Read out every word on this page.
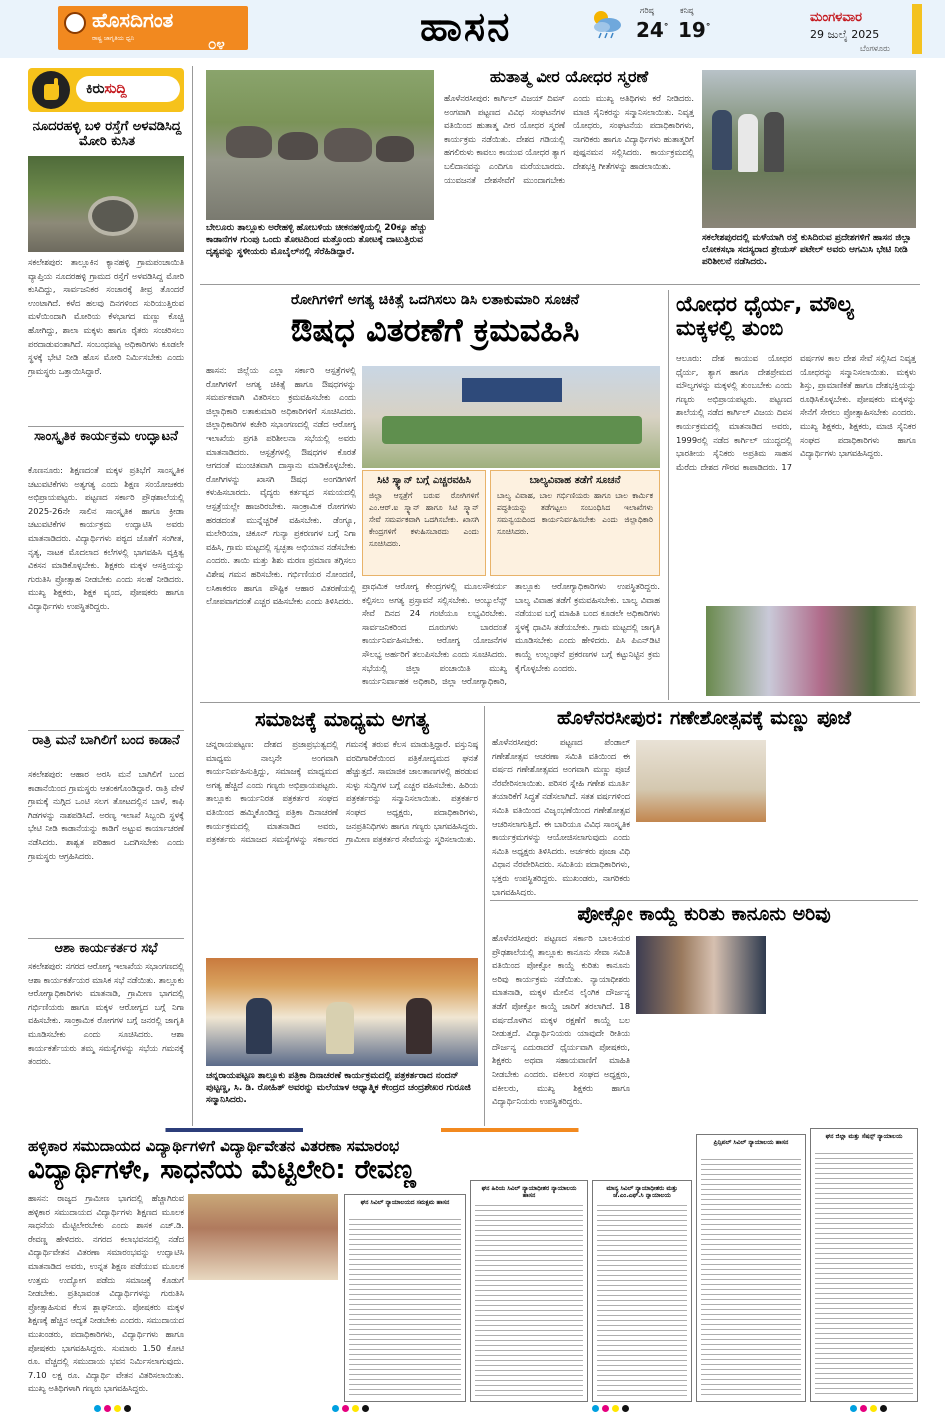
ಹೊಸದಿಗಂತ
ರಾಷ್ಟ್ರ ಜಾಗೃತಿಯ ಧ್ವನಿ	೦೪	ಹಾಸನ	ಗರಿಷ್ಠ
24°
ಕನಿಷ್ಠ
19°
ಮಂಗಳವಾರ
29 ಜುಲೈ 2025
ಬೆಂಗಳೂರು
ಕಿರುಸುದ್ದಿ
ನೂದರಹಳ್ಳಿ ಬಳಿ ರಸ್ತೆಗೆ ಅಳವಡಿಸಿದ್ದ ಮೋರಿ ಕುಸಿತ
ಸಕಲೇಶಪುರ: ತಾಲ್ಲೂಕಿನ ಕ್ಯಾನಹಳ್ಳಿ ಗ್ರಾಮಪಂಚಾಯಿತಿ ವ್ಯಾಪ್ತಿಯ ನೂದರಹಳ್ಳಿ ಗ್ರಾಮದ ರಸ್ತೆಗೆ ಅಳವಡಿಸಿದ್ದ ಮೋರಿ ಕುಸಿದಿದ್ದು, ಸಾರ್ವಜನಿಕರ ಸಂಚಾರಕ್ಕೆ ತೀವ್ರ ತೊಂದರೆ ಉಂಟಾಗಿದೆ. ಕಳೆದ ಹಲವು ದಿನಗಳಿಂದ ಸುರಿಯುತ್ತಿರುವ ಮಳೆಯಿಂದಾಗಿ ಮೋರಿಯ ಕೆಳಭಾಗದ ಮಣ್ಣು ಕೊಚ್ಚಿ ಹೋಗಿದ್ದು, ಶಾಲಾ ಮಕ್ಕಳು ಹಾಗೂ ರೈತರು ಸಂಚರಿಸಲು ಪರದಾಡುವಂತಾಗಿದೆ. ಸಂಬಂಧಪಟ್ಟ ಅಧಿಕಾರಿಗಳು ಕೂಡಲೇ ಸ್ಥಳಕ್ಕೆ ಭೇಟಿ ನೀಡಿ ಹೊಸ ಮೋರಿ ನಿರ್ಮಿಸಬೇಕು ಎಂದು ಗ್ರಾಮಸ್ಥರು ಒತ್ತಾಯಿಸಿದ್ದಾರೆ.
ಸಾಂಸ್ಕೃತಿಕ ಕಾರ್ಯಕ್ರಮ ಉದ್ಘಾಟನೆ
ಕೊಣನೂರು: ಶಿಕ್ಷಣದಂತೆ ಮಕ್ಕಳ ಪ್ರತಿಭೆಗೆ ಸಾಂಸ್ಕೃತಿಕ ಚಟುವಟಿಕೆಗಳು ಅತ್ಯಗತ್ಯ ಎಂದು ಶಿಕ್ಷಣ ಸಂಯೋಜಕರು ಅಭಿಪ್ರಾಯಪಟ್ಟರು. ಪಟ್ಟಣದ ಸರ್ಕಾರಿ ಪ್ರೌಢಶಾಲೆಯಲ್ಲಿ 2025-26ನೇ ಸಾಲಿನ ಸಾಂಸ್ಕೃತಿಕ ಹಾಗೂ ಕ್ರೀಡಾ ಚಟುವಟಿಕೆಗಳ ಕಾರ್ಯಕ್ರಮ ಉದ್ಘಾಟಿಸಿ ಅವರು ಮಾತನಾಡಿದರು. ವಿದ್ಯಾರ್ಥಿಗಳು ಪಠ್ಯದ ಜೊತೆಗೆ ಸಂಗೀತ, ನೃತ್ಯ, ನಾಟಕ ಮೊದಲಾದ ಕಲೆಗಳಲ್ಲಿ ಭಾಗವಹಿಸಿ ವ್ಯಕ್ತಿತ್ವ ವಿಕಸನ ಮಾಡಿಕೊಳ್ಳಬೇಕು. ಶಿಕ್ಷಕರು ಮಕ್ಕಳ ಆಸಕ್ತಿಯನ್ನು ಗುರುತಿಸಿ ಪ್ರೋತ್ಸಾಹ ನೀಡಬೇಕು ಎಂದು ಸಲಹೆ ನೀಡಿದರು. ಮುಖ್ಯ ಶಿಕ್ಷಕರು, ಶಿಕ್ಷಕ ವೃಂದ, ಪೋಷಕರು ಹಾಗೂ ವಿದ್ಯಾರ್ಥಿಗಳು ಉಪಸ್ಥಿತರಿದ್ದರು.
ರಾತ್ರಿ ಮನೆ ಬಾಗಿಲಿಗೆ ಬಂದ ಕಾಡಾನೆ
ಸಕಲೇಶಪುರ: ಆಹಾರ ಅರಸಿ ಮನೆ ಬಾಗಿಲಿಗೆ ಬಂದ ಕಾಡಾನೆಯಿಂದ ಗ್ರಾಮಸ್ಥರು ಆತಂಕಗೊಂಡಿದ್ದಾರೆ. ರಾತ್ರಿ ವೇಳೆ ಗ್ರಾಮಕ್ಕೆ ನುಗ್ಗಿದ ಒಂಟಿ ಸಲಗ ತೋಟದಲ್ಲಿನ ಬಾಳೆ, ಕಾಫಿ ಗಿಡಗಳನ್ನು ನಾಶಪಡಿಸಿದೆ. ಅರಣ್ಯ ಇಲಾಖೆ ಸಿಬ್ಬಂದಿ ಸ್ಥಳಕ್ಕೆ ಭೇಟಿ ನೀಡಿ ಕಾಡಾನೆಯನ್ನು ಕಾಡಿಗೆ ಅಟ್ಟುವ ಕಾರ್ಯಾಚರಣೆ ನಡೆಸಿದರು. ಶಾಶ್ವತ ಪರಿಹಾರ ಒದಗಿಸಬೇಕು ಎಂದು ಗ್ರಾಮಸ್ಥರು ಆಗ್ರಹಿಸಿದರು.
ಆಶಾ ಕಾರ್ಯಕರ್ತರ ಸಭೆ
ಸಕಲೇಶಪುರ: ನಗರದ ಆರೋಗ್ಯ ಇಲಾಖೆಯ ಸಭಾಂಗಣದಲ್ಲಿ ಆಶಾ ಕಾರ್ಯಕರ್ತೆಯರ ಮಾಸಿಕ ಸಭೆ ನಡೆಯಿತು. ತಾಲ್ಲೂಕು ಆರೋಗ್ಯಾಧಿಕಾರಿಗಳು ಮಾತನಾಡಿ, ಗ್ರಾಮೀಣ ಭಾಗದಲ್ಲಿ ಗರ್ಭಿಣಿಯರು ಹಾಗೂ ಮಕ್ಕಳ ಆರೋಗ್ಯದ ಬಗ್ಗೆ ನಿಗಾ ವಹಿಸಬೇಕು. ಸಾಂಕ್ರಾಮಿಕ ರೋಗಗಳ ಬಗ್ಗೆ ಜನರಲ್ಲಿ ಜಾಗೃತಿ ಮೂಡಿಸಬೇಕು ಎಂದು ಸೂಚಿಸಿದರು. ಆಶಾ ಕಾರ್ಯಕರ್ತೆಯರು ತಮ್ಮ ಸಮಸ್ಯೆಗಳನ್ನು ಸಭೆಯ ಗಮನಕ್ಕೆ ತಂದರು.
ಬೇಲೂರು ತಾಲ್ಲೂಕು ಅರೇಹಳ್ಳಿ ಹೋಬಳಿಯ ಚೀಕನಹಳ್ಳಿಯಲ್ಲಿ 20ಕ್ಕೂ ಹೆಚ್ಚು ಕಾಡಾನೆಗಳ ಗುಂಪು ಒಂದು ತೋಟದಿಂದ ಮತ್ತೊಂದು ತೋಟಕ್ಕೆ ದಾಟುತ್ತಿರುವ ದೃಶ್ಯವನ್ನು ಸ್ಥಳೀಯರು ಮೊಬೈಲ್‌ನಲ್ಲಿ ಸೆರೆಹಿಡಿದ್ದಾರೆ.
ಹುತಾತ್ಮ ವೀರ ಯೋಧರ ಸ್ಮರಣೆ
ಹೊಳೆನರಸೀಪುರ: ಕಾರ್ಗಿಲ್ ವಿಜಯ್ ದಿವಸ್ ಅಂಗವಾಗಿ ಪಟ್ಟಣದ ವಿವಿಧ ಸಂಘಟನೆಗಳ ವತಿಯಿಂದ ಹುತಾತ್ಮ ವೀರ ಯೋಧರ ಸ್ಮರಣೆ ಕಾರ್ಯಕ್ರಮ ನಡೆಯಿತು. ದೇಶದ ಗಡಿಯಲ್ಲಿ ಹಗಲಿರುಳು ಕಾವಲು ಕಾಯುವ ಯೋಧರ ತ್ಯಾಗ ಬಲಿದಾನವನ್ನು ಎಂದಿಗೂ ಮರೆಯಬಾರದು. ಯುವಜನತೆ ದೇಶಸೇವೆಗೆ ಮುಂದಾಗಬೇಕು ಎಂದು ಮುಖ್ಯ ಅತಿಥಿಗಳು ಕರೆ ನೀಡಿದರು. ಮಾಜಿ ಸೈನಿಕರನ್ನು ಸನ್ಮಾನಿಸಲಾಯಿತು. ನಿವೃತ್ತ ಯೋಧರು, ಸಂಘಟನೆಯ ಪದಾಧಿಕಾರಿಗಳು, ನಾಗರಿಕರು ಹಾಗೂ ವಿದ್ಯಾರ್ಥಿಗಳು ಹುತಾತ್ಮರಿಗೆ ಪುಷ್ಪನಮನ ಸಲ್ಲಿಸಿದರು. ಕಾರ್ಯಕ್ರಮದಲ್ಲಿ ದೇಶಭಕ್ತಿ ಗೀತೆಗಳನ್ನು ಹಾಡಲಾಯಿತು.
ಸಕಲೇಶಪುರದಲ್ಲಿ ಮಳೆಯಾಗಿ ರಸ್ತೆ ಕುಸಿದಿರುವ ಪ್ರದೇಶಗಳಿಗೆ ಹಾಸನ ಜಿಲ್ಲಾ ಲೋಕಸಭಾ ಸದಸ್ಯರಾದ ಶ್ರೇಯಸ್ ಪಟೇಲ್ ಅವರು ಆಗಮಿಸಿ ಭೇಟಿ ನೀಡಿ ಪರಿಶೀಲನೆ ನಡೆಸಿದರು.
ರೋಗಿಗಳಿಗೆ ಅಗತ್ಯ ಚಿಕಿತ್ಸೆ ಒದಗಿಸಲು ಡಿಸಿ ಲತಾಕುಮಾರಿ ಸೂಚನೆ
ಔಷಧ ವಿತರಣೆಗೆ ಕ್ರಮವಹಿಸಿ
ಹಾಸನ: ಜಿಲ್ಲೆಯ ಎಲ್ಲಾ ಸರ್ಕಾರಿ ಆಸ್ಪತ್ರೆಗಳಲ್ಲಿ ರೋಗಿಗಳಿಗೆ ಅಗತ್ಯ ಚಿಕಿತ್ಸೆ ಹಾಗೂ ಔಷಧಗಳನ್ನು ಸಮರ್ಪಕವಾಗಿ ವಿತರಿಸಲು ಕ್ರಮವಹಿಸಬೇಕು ಎಂದು ಜಿಲ್ಲಾಧಿಕಾರಿ ಲತಾಕುಮಾರಿ ಅಧಿಕಾರಿಗಳಿಗೆ ಸೂಚಿಸಿದರು. ಜಿಲ್ಲಾಧಿಕಾರಿಗಳ ಕಚೇರಿ ಸಭಾಂಗಣದಲ್ಲಿ ನಡೆದ ಆರೋಗ್ಯ ಇಲಾಖೆಯ ಪ್ರಗತಿ ಪರಿಶೀಲನಾ ಸಭೆಯಲ್ಲಿ ಅವರು ಮಾತನಾಡಿದರು. ಆಸ್ಪತ್ರೆಗಳಲ್ಲಿ ಔಷಧಗಳ ಕೊರತೆ ಆಗದಂತೆ ಮುಂಚಿತವಾಗಿ ದಾಸ್ತಾನು ಮಾಡಿಕೊಳ್ಳಬೇಕು. ರೋಗಿಗಳನ್ನು ಖಾಸಗಿ ಔಷಧ ಅಂಗಡಿಗಳಿಗೆ ಕಳುಹಿಸಬಾರದು. ವೈದ್ಯರು ಕರ್ತವ್ಯದ ಸಮಯದಲ್ಲಿ ಆಸ್ಪತ್ರೆಯಲ್ಲೇ ಹಾಜರಿರಬೇಕು. ಸಾಂಕ್ರಾಮಿಕ ರೋಗಗಳು ಹರಡದಂತೆ ಮುನ್ನೆಚ್ಚರಿಕೆ ವಹಿಸಬೇಕು. ಡೆಂಗ್ಯೂ, ಮಲೇರಿಯಾ, ಚಿಕೂನ್ ಗುನ್ಯಾ ಪ್ರಕರಣಗಳ ಬಗ್ಗೆ ನಿಗಾ ವಹಿಸಿ, ಗ್ರಾಮ ಮಟ್ಟದಲ್ಲಿ ಸ್ವಚ್ಛತಾ ಅಭಿಯಾನ ನಡೆಸಬೇಕು ಎಂದರು. ತಾಯಿ ಮತ್ತು ಶಿಶು ಮರಣ ಪ್ರಮಾಣ ತಗ್ಗಿಸಲು ವಿಶೇಷ ಗಮನ ಹರಿಸಬೇಕು. ಗರ್ಭಿಣಿಯರ ನೋಂದಣಿ, ಲಸಿಕಾಕರಣ ಹಾಗೂ ಪೌಷ್ಟಿಕ ಆಹಾರ ವಿತರಣೆಯಲ್ಲಿ ಲೋಪವಾಗದಂತೆ ಎಚ್ಚರ ವಹಿಸಬೇಕು ಎಂದು ತಿಳಿಸಿದರು.
ಸಿಟಿ ಸ್ಕ್ಯಾನ್ ಬಗ್ಗೆ ಎಚ್ಚರವಹಿಸಿ
ಜಿಲ್ಲಾ ಆಸ್ಪತ್ರೆಗೆ ಬರುವ ರೋಗಿಗಳಿಗೆ ಎಂ.ಆರ್.ಐ ಸ್ಕ್ಯಾನ್ ಹಾಗೂ ಸಿಟಿ ಸ್ಕ್ಯಾನ್ ಸೇವೆ ಸಮರ್ಪಕವಾಗಿ ಒದಗಿಸಬೇಕು. ಖಾಸಗಿ ಕೇಂದ್ರಗಳಿಗೆ ಕಳುಹಿಸಬಾರದು ಎಂದು ಸೂಚಿಸಿದರು.
ಬಾಲ್ಯವಿವಾಹ ತಡೆಗೆ ಸೂಚನೆ
ಬಾಲ್ಯ ವಿವಾಹ, ಬಾಲ ಗರ್ಭಿಣಿಯರು ಹಾಗೂ ಬಾಲ ಕಾರ್ಮಿಕ ಪದ್ಧತಿಯನ್ನು ತಡೆಗಟ್ಟಲು ಸಂಬಂಧಿಸಿದ ಇಲಾಖೆಗಳು ಸಮನ್ವಯದಿಂದ ಕಾರ್ಯನಿರ್ವಹಿಸಬೇಕು ಎಂದು ಜಿಲ್ಲಾಧಿಕಾರಿ ಸೂಚಿಸಿದರು.
ಪ್ರಾಥಮಿಕ ಆರೋಗ್ಯ ಕೇಂದ್ರಗಳಲ್ಲಿ ಮೂಲಸೌಕರ್ಯ ಕಲ್ಪಿಸಲು ಅಗತ್ಯ ಪ್ರಸ್ತಾವನೆ ಸಲ್ಲಿಸಬೇಕು. ಆಂಬ್ಯುಲೆನ್ಸ್ ಸೇವೆ ದಿನದ 24 ಗಂಟೆಯೂ ಲಭ್ಯವಿರಬೇಕು. ಸಾರ್ವಜನಿಕರಿಂದ ದೂರುಗಳು ಬಾರದಂತೆ ಕಾರ್ಯನಿರ್ವಹಿಸಬೇಕು. ಆರೋಗ್ಯ ಯೋಜನೆಗಳ ಸೌಲಭ್ಯ ಅರ್ಹರಿಗೆ ತಲುಪಿಸಬೇಕು ಎಂದು ಸೂಚಿಸಿದರು. ಸಭೆಯಲ್ಲಿ ಜಿಲ್ಲಾ ಪಂಚಾಯಿತಿ ಮುಖ್ಯ ಕಾರ್ಯನಿರ್ವಾಹಕ ಅಧಿಕಾರಿ, ಜಿಲ್ಲಾ ಆರೋಗ್ಯಾಧಿಕಾರಿ, ತಾಲ್ಲೂಕು ಆರೋಗ್ಯಾಧಿಕಾರಿಗಳು ಉಪಸ್ಥಿತರಿದ್ದರು. ಬಾಲ್ಯ ವಿವಾಹ ತಡೆಗೆ ಕ್ರಮವಹಿಸಬೇಕು. ಬಾಲ್ಯ ವಿವಾಹ ನಡೆಯುವ ಬಗ್ಗೆ ಮಾಹಿತಿ ಬಂದ ಕೂಡಲೇ ಅಧಿಕಾರಿಗಳು ಸ್ಥಳಕ್ಕೆ ಧಾವಿಸಿ ತಡೆಯಬೇಕು. ಗ್ರಾಮ ಮಟ್ಟದಲ್ಲಿ ಜಾಗೃತಿ ಮೂಡಿಸಬೇಕು ಎಂದು ಹೇಳಿದರು. ಪಿಸಿ ಪಿಎನ್‌ಡಿಟಿ ಕಾಯ್ದೆ ಉಲ್ಲಂಘನೆ ಪ್ರಕರಣಗಳ ಬಗ್ಗೆ ಕಟ್ಟುನಿಟ್ಟಿನ ಕ್ರಮ ಕೈಗೊಳ್ಳಬೇಕು ಎಂದರು.
ಯೋಧರ ಧೈರ್ಯ, ಮೌಲ್ಯ ಮಕ್ಕಳಲ್ಲಿ ತುಂಬಿ
ಆಲೂರು: ದೇಶ ಕಾಯುವ ಯೋಧರ ಧೈರ್ಯ, ತ್ಯಾಗ ಹಾಗೂ ದೇಶಪ್ರೇಮದ ಮೌಲ್ಯಗಳನ್ನು ಮಕ್ಕಳಲ್ಲಿ ತುಂಬಬೇಕು ಎಂದು ಗಣ್ಯರು ಅಭಿಪ್ರಾಯಪಟ್ಟರು. ಪಟ್ಟಣದ ಶಾಲೆಯಲ್ಲಿ ನಡೆದ ಕಾರ್ಗಿಲ್ ವಿಜಯ ದಿವಸ ಕಾರ್ಯಕ್ರಮದಲ್ಲಿ ಮಾತನಾಡಿದ ಅವರು, 1999ರಲ್ಲಿ ನಡೆದ ಕಾರ್ಗಿಲ್ ಯುದ್ಧದಲ್ಲಿ ಭಾರತೀಯ ಸೈನಿಕರು ಅಪ್ರತಿಮ ಸಾಹಸ ಮೆರೆದು ದೇಶದ ಗೌರವ ಕಾಪಾಡಿದರು. 17 ವರ್ಷಗಳ ಕಾಲ ದೇಶ ಸೇವೆ ಸಲ್ಲಿಸಿದ ನಿವೃತ್ತ ಯೋಧರನ್ನು ಸನ್ಮಾನಿಸಲಾಯಿತು. ಮಕ್ಕಳು ಶಿಸ್ತು, ಪ್ರಾಮಾಣಿಕತೆ ಹಾಗೂ ದೇಶಭಕ್ತಿಯನ್ನು ರೂಢಿಸಿಕೊಳ್ಳಬೇಕು. ಪೋಷಕರು ಮಕ್ಕಳನ್ನು ಸೇನೆಗೆ ಸೇರಲು ಪ್ರೋತ್ಸಾಹಿಸಬೇಕು ಎಂದರು. ಮುಖ್ಯ ಶಿಕ್ಷಕರು, ಶಿಕ್ಷಕರು, ಮಾಜಿ ಸೈನಿಕರ ಸಂಘದ ಪದಾಧಿಕಾರಿಗಳು ಹಾಗೂ ವಿದ್ಯಾರ್ಥಿಗಳು ಭಾಗವಹಿಸಿದ್ದರು.
ಸಮಾಜಕ್ಕೆ ಮಾಧ್ಯಮ ಅಗತ್ಯ
ಚನ್ನರಾಯಪಟ್ಟಣ: ದೇಶದ ಪ್ರಜಾಪ್ರಭುತ್ವದಲ್ಲಿ ಮಾಧ್ಯಮ ನಾಲ್ಕನೇ ಅಂಗವಾಗಿ ಕಾರ್ಯನಿರ್ವಹಿಸುತ್ತಿದ್ದು, ಸಮಾಜಕ್ಕೆ ಮಾಧ್ಯಮದ ಅಗತ್ಯ ಹೆಚ್ಚಿದೆ ಎಂದು ಗಣ್ಯರು ಅಭಿಪ್ರಾಯಪಟ್ಟರು. ತಾಲ್ಲೂಕು ಕಾರ್ಯನಿರತ ಪತ್ರಕರ್ತರ ಸಂಘದ ವತಿಯಿಂದ ಹಮ್ಮಿಕೊಂಡಿದ್ದ ಪತ್ರಿಕಾ ದಿನಾಚರಣೆ ಕಾರ್ಯಕ್ರಮದಲ್ಲಿ ಮಾತನಾಡಿದ ಅವರು, ಪತ್ರಕರ್ತರು ಸಮಾಜದ ಸಮಸ್ಯೆಗಳನ್ನು ಸರ್ಕಾರದ ಗಮನಕ್ಕೆ ತರುವ ಕೆಲಸ ಮಾಡುತ್ತಿದ್ದಾರೆ. ವಸ್ತುನಿಷ್ಠ ವರದಿಗಾರಿಕೆಯಿಂದ ಪತ್ರಿಕೋದ್ಯಮದ ಘನತೆ ಹೆಚ್ಚುತ್ತದೆ. ಸಾಮಾಜಿಕ ಜಾಲತಾಣಗಳಲ್ಲಿ ಹರಡುವ ಸುಳ್ಳು ಸುದ್ದಿಗಳ ಬಗ್ಗೆ ಎಚ್ಚರ ವಹಿಸಬೇಕು. ಹಿರಿಯ ಪತ್ರಕರ್ತರನ್ನು ಸನ್ಮಾನಿಸಲಾಯಿತು. ಪತ್ರಕರ್ತರ ಸಂಘದ ಅಧ್ಯಕ್ಷರು, ಪದಾಧಿಕಾರಿಗಳು, ಜನಪ್ರತಿನಿಧಿಗಳು ಹಾಗೂ ಗಣ್ಯರು ಭಾಗವಹಿಸಿದ್ದರು. ಗ್ರಾಮೀಣ ಪತ್ರಕರ್ತರ ಸೇವೆಯನ್ನು ಸ್ಮರಿಸಲಾಯಿತು.
ಚನ್ನರಾಯಪಟ್ಟಣ ತಾಲ್ಲೂಕು ಪತ್ರಿಕಾ ದಿನಾಚರಣೆ ಕಾರ್ಯಕ್ರಮದಲ್ಲಿ ಪತ್ರಕರ್ತರಾದ ನಂದನ್ ಪುಟ್ಟಣ್ಣ, ಸಿ. ಡಿ. ರೋಹಿತ್ ಅವರನ್ನು ಮಲೆಯಾಳ ಆಧ್ಯಾತ್ಮಿಕ ಕೇಂದ್ರದ ಚಂದ್ರಶೇಖರ ಗುರೂಜಿ ಸನ್ಮಾನಿಸಿದರು.
ಹೊಳೆನರಸೀಪುರ: ಗಣೇಶೋತ್ಸವಕ್ಕೆ ಮಣ್ಣು ಪೂಜೆ
ಹೊಳೆನರಸೀಪುರ: ಪಟ್ಟಣದ ಪೆಂಡಾಲ್ ಗಣೇಶೋತ್ಸವ ಆಚರಣಾ ಸಮಿತಿ ವತಿಯಿಂದ ಈ ವರ್ಷದ ಗಣೇಶೋತ್ಸವದ ಅಂಗವಾಗಿ ಮಣ್ಣು ಪೂಜೆ ನೆರವೇರಿಸಲಾಯಿತು. ಪರಿಸರ ಸ್ನೇಹಿ ಗಣೇಶ ಮೂರ್ತಿ ತಯಾರಿಕೆಗೆ ಸಿದ್ಧತೆ ನಡೆಸಲಾಗಿದೆ. ಸತತ ವರ್ಷಗಳಿಂದ ಸಮಿತಿ ವತಿಯಿಂದ ವಿಜೃಂಭಣೆಯಿಂದ ಗಣೇಶೋತ್ಸವ ಆಚರಿಸಲಾಗುತ್ತಿದೆ. ಈ ಬಾರಿಯೂ ವಿವಿಧ ಸಾಂಸ್ಕೃತಿಕ ಕಾರ್ಯಕ್ರಮಗಳನ್ನು ಆಯೋಜಿಸಲಾಗುವುದು ಎಂದು ಸಮಿತಿ ಅಧ್ಯಕ್ಷರು ತಿಳಿಸಿದರು. ಅರ್ಚಕರು ಪೂಜಾ ವಿಧಿ ವಿಧಾನ ನೆರವೇರಿಸಿದರು. ಸಮಿತಿಯ ಪದಾಧಿಕಾರಿಗಳು, ಭಕ್ತರು ಉಪಸ್ಥಿತರಿದ್ದರು. ಮುಖಂಡರು, ನಾಗರಿಕರು ಭಾಗವಹಿಸಿದ್ದರು.
ಪೋಕ್ಸೋ ಕಾಯ್ದೆ ಕುರಿತು ಕಾನೂನು ಅರಿವು
ಹೊಳೆನರಸೀಪುರ: ಪಟ್ಟಣದ ಸರ್ಕಾರಿ ಬಾಲಕಿಯರ ಪ್ರೌಢಶಾಲೆಯಲ್ಲಿ ತಾಲ್ಲೂಕು ಕಾನೂನು ಸೇವಾ ಸಮಿತಿ ವತಿಯಿಂದ ಪೋಕ್ಸೋ ಕಾಯ್ದೆ ಕುರಿತು ಕಾನೂನು ಅರಿವು ಕಾರ್ಯಕ್ರಮ ನಡೆಯಿತು. ನ್ಯಾಯಾಧೀಶರು ಮಾತನಾಡಿ, ಮಕ್ಕಳ ಮೇಲಿನ ಲೈಂಗಿಕ ದೌರ್ಜನ್ಯ ತಡೆಗೆ ಪೋಕ್ಸೋ ಕಾಯ್ದೆ ಜಾರಿಗೆ ತರಲಾಗಿದೆ. 18 ವರ್ಷದೊಳಗಿನ ಮಕ್ಕಳ ರಕ್ಷಣೆಗೆ ಕಾಯ್ದೆ ಬಲ ನೀಡುತ್ತದೆ. ವಿದ್ಯಾರ್ಥಿನಿಯರು ಯಾವುದೇ ರೀತಿಯ ದೌರ್ಜನ್ಯ ಎದುರಾದರೆ ಧೈರ್ಯವಾಗಿ ಪೋಷಕರು, ಶಿಕ್ಷಕರು ಅಥವಾ ಸಹಾಯವಾಣಿಗೆ ಮಾಹಿತಿ ನೀಡಬೇಕು ಎಂದರು. ವಕೀಲರ ಸಂಘದ ಅಧ್ಯಕ್ಷರು, ವಕೀಲರು, ಮುಖ್ಯ ಶಿಕ್ಷಕರು ಹಾಗೂ ವಿದ್ಯಾರ್ಥಿನಿಯರು ಉಪಸ್ಥಿತರಿದ್ದರು.
ಹಳ್ಳಿಕಾರ ಸಮುದಾಯದ ವಿದ್ಯಾರ್ಥಿಗಳಿಗೆ ವಿದ್ಯಾರ್ಥಿವೇತನ ವಿತರಣಾ ಸಮಾರಂಭ
ವಿದ್ಯಾರ್ಥಿಗಳೇ, ಸಾಧನೆಯ ಮೆಟ್ಟಿಲೇರಿ: ರೇವಣ್ಣ
ಹಾಸನ: ರಾಜ್ಯದ ಗ್ರಾಮೀಣ ಭಾಗದಲ್ಲಿ ಹೆಚ್ಚಾಗಿರುವ ಹಳ್ಳಿಕಾರ ಸಮುದಾಯದ ವಿದ್ಯಾರ್ಥಿಗಳು ಶಿಕ್ಷಣದ ಮೂಲಕ ಸಾಧನೆಯ ಮೆಟ್ಟಿಲೇರಬೇಕು ಎಂದು ಶಾಸಕ ಎಚ್.ಡಿ. ರೇವಣ್ಣ ಹೇಳಿದರು. ನಗರದ ಕಲಾಭವನದಲ್ಲಿ ನಡೆದ ವಿದ್ಯಾರ್ಥಿವೇತನ ವಿತರಣಾ ಸಮಾರಂಭವನ್ನು ಉದ್ಘಾಟಿಸಿ ಮಾತನಾಡಿದ ಅವರು, ಉನ್ನತ ಶಿಕ್ಷಣ ಪಡೆಯುವ ಮೂಲಕ ಉತ್ತಮ ಉದ್ಯೋಗ ಪಡೆದು ಸಮಾಜಕ್ಕೆ ಕೊಡುಗೆ ನೀಡಬೇಕು. ಪ್ರತಿಭಾವಂತ ವಿದ್ಯಾರ್ಥಿಗಳನ್ನು ಗುರುತಿಸಿ ಪ್ರೋತ್ಸಾಹಿಸುವ ಕೆಲಸ ಶ್ಲಾಘನೀಯ. ಪೋಷಕರು ಮಕ್ಕಳ ಶಿಕ್ಷಣಕ್ಕೆ ಹೆಚ್ಚಿನ ಆದ್ಯತೆ ನೀಡಬೇಕು ಎಂದರು. ಸಮುದಾಯದ ಮುಖಂಡರು, ಪದಾಧಿಕಾರಿಗಳು, ವಿದ್ಯಾರ್ಥಿಗಳು ಹಾಗೂ ಪೋಷಕರು ಭಾಗವಹಿಸಿದ್ದರು. ಸುಮಾರು 1.50 ಕೋಟಿ ರೂ. ವೆಚ್ಚದಲ್ಲಿ ಸಮುದಾಯ ಭವನ ನಿರ್ಮಿಸಲಾಗುವುದು. 7.10 ಲಕ್ಷ ರೂ. ವಿದ್ಯಾರ್ಥಿ ವೇತನ ವಿತರಿಸಲಾಯಿತು. ಮುಖ್ಯ ಅತಿಥಿಗಳಾಗಿ ಗಣ್ಯರು ಭಾಗವಹಿಸಿದ್ದರು.
ಘನ ಸಿವಿಲ್ ನ್ಯಾಯಾಲಯದ ಸಮಕ್ಷಮ ಹಾಸನ
ಘನ ಹಿರಿಯ ಸಿವಿಲ್ ನ್ಯಾಯಾಧೀಶರ ನ್ಯಾಯಾಲಯ ಹಾಸನ
ಮಾನ್ಯ ಸಿವಿಲ್ ನ್ಯಾಯಾಧೀಶರು ಮತ್ತು ಜೆ.ಎಂ.ಎಫ್.ಸಿ ನ್ಯಾಯಾಲಯ
ಪ್ರಿನ್ಸಿಪಲ್ ಸಿವಿಲ್ ನ್ಯಾಯಾಲಯ ಹಾಸನ
ಘನ ಜಿಲ್ಲಾ ಮತ್ತು ಸೆಷನ್ಸ್ ನ್ಯಾಯಾಲಯ
